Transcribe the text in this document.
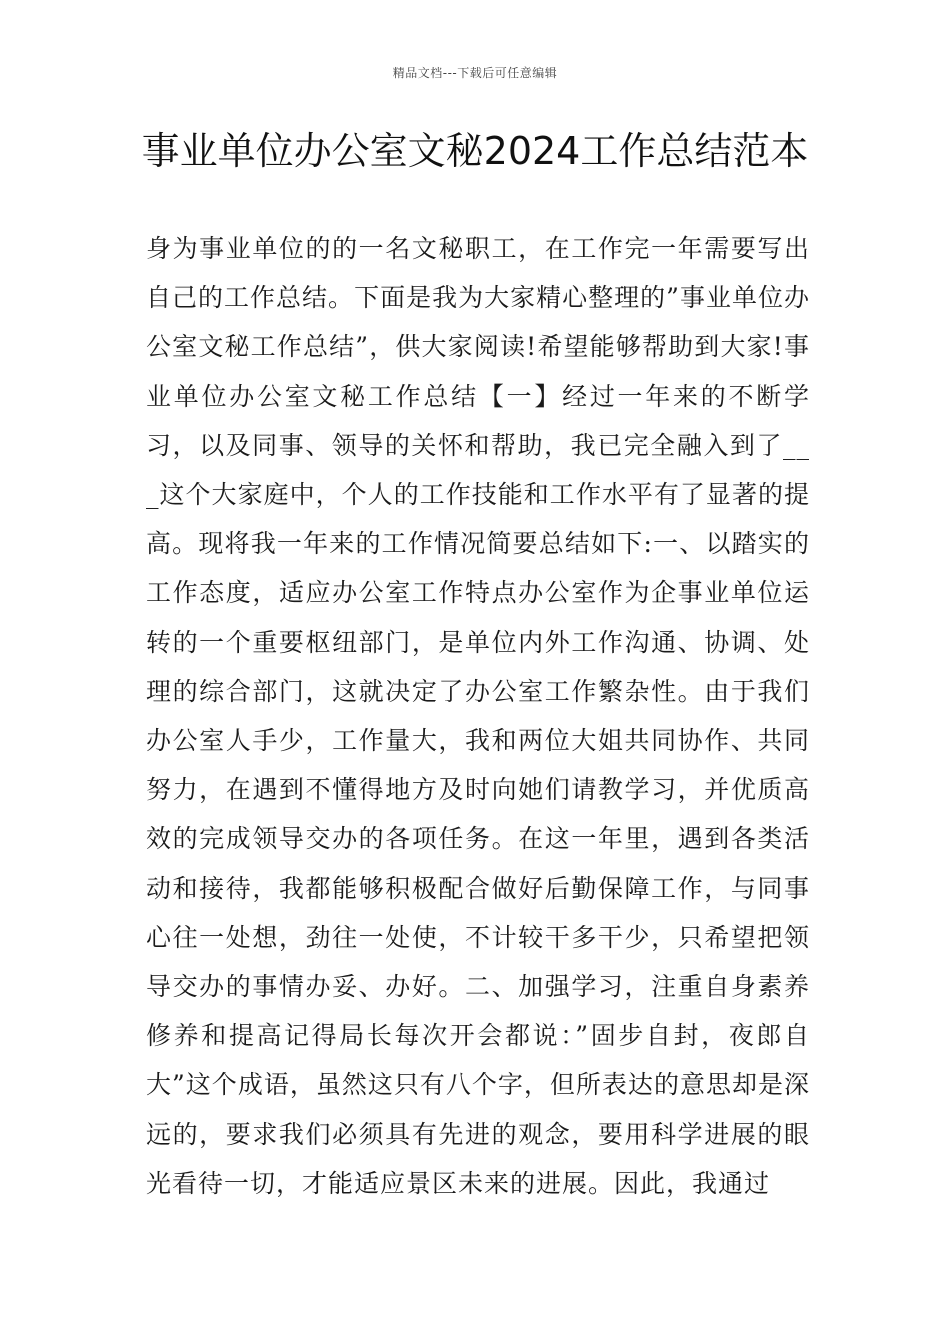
精品文档---下载后可任意编辑
事业单位办公室文秘2024工作总结范本

身为事业单位的的一名文秘职工，在工作完一年需要写出自己的工作总结。下面是我为大家精心整理的”事业单位办公室文秘工作总结”，供大家阅读!希望能够帮助到大家!事业单位办公室文秘工作总结【一】经过一年来的不断学习，以及同事、领导的关怀和帮助，我已完全融入到了___这个大家庭中，个人的工作技能和工作水平有了显著的提高。现将我一年来的工作情况简要总结如下:一、以踏实的工作态度，适应办公室工作特点办公室作为企事业单位运转的一个重要枢纽部门，是单位内外工作沟通、协调、处理的综合部门，这就决定了办公室工作繁杂性。由于我们办公室人手少，工作量大，我和两位大姐共同协作、共同努力，在遇到不懂得地方及时向她们请教学习，并优质高效的完成领导交办的各项任务。在这一年里，遇到各类活动和接待，我都能够积极配合做好后勤保障工作，与同事心往一处想，劲往一处使，不计较干多干少，只希望把领导交办的事情办妥、办好。二、加强学习，注重自身素养修养和提高记得局长每次开会都说：”固步自封，夜郎自大”这个成语，虽然这只有八个字，但所表达的意思却是深远的，要求我们必须具有先进的观念，要用科学进展的眼光看待一切，才能适应景区未来的进展。因此，我通过
